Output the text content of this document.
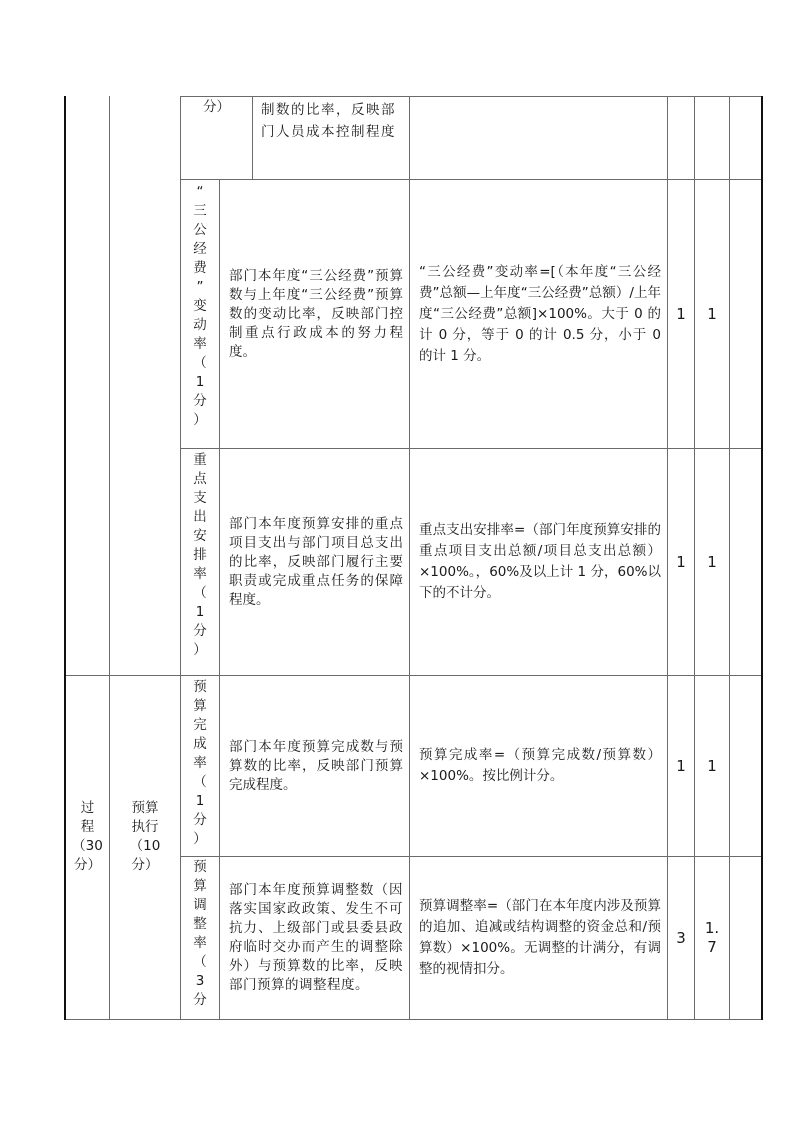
分）	制数的比率，反映部门人员成本控制程度
“
三
公
经
费
”
变
动
率
（
1
分
）
部门本年度“三公经费”预算数与上年度“三公经费”预算数的变动比率，反映部门控制重点行政成本的努力程度。
“三公经费”变动率=[（本年度“三公经费”总额—上年度“三公经费”总额）/上年度“三公经费”总额]×100%。大于 0 的计 0 分，等于 0 的计 0.5 分，小于 0 的计 1 分。
1 1
重
点
支
出
安
排
率
（
1
分
）
部门本年度预算安排的重点项目支出与部门项目总支出的比率，反映部门履行主要职责或完成重点任务的保障程度。
重点支出安排率=（部门年度预算安排的重点项目支出总额/项目总支出总额）×100%。，60%及以上计 1 分，60%以下的不计分。
1 1
过
程
（30
分）
预算
执行
（10
分）
预
算
完
成
率
（
1
分
）
部门本年度预算完成数与预算数的比率，反映部门预算完成程度。
预算完成率=（预算完成数/预算数）×100%。按比例计分。
1 1
预
算
调
整
率
（
3
分
部门本年度预算调整数（因落实国家政政策、发生不可抗力、上级部门或县委县政府临时交办而产生的调整除外）与预算数的比率，反映部门预算的调整程度。
预算调整率=（部门在本年度内涉及预算的追加、追减或结构调整的资金总和/预算数）×100%。无调整的计满分，有调整的视情扣分。
3
1.7
